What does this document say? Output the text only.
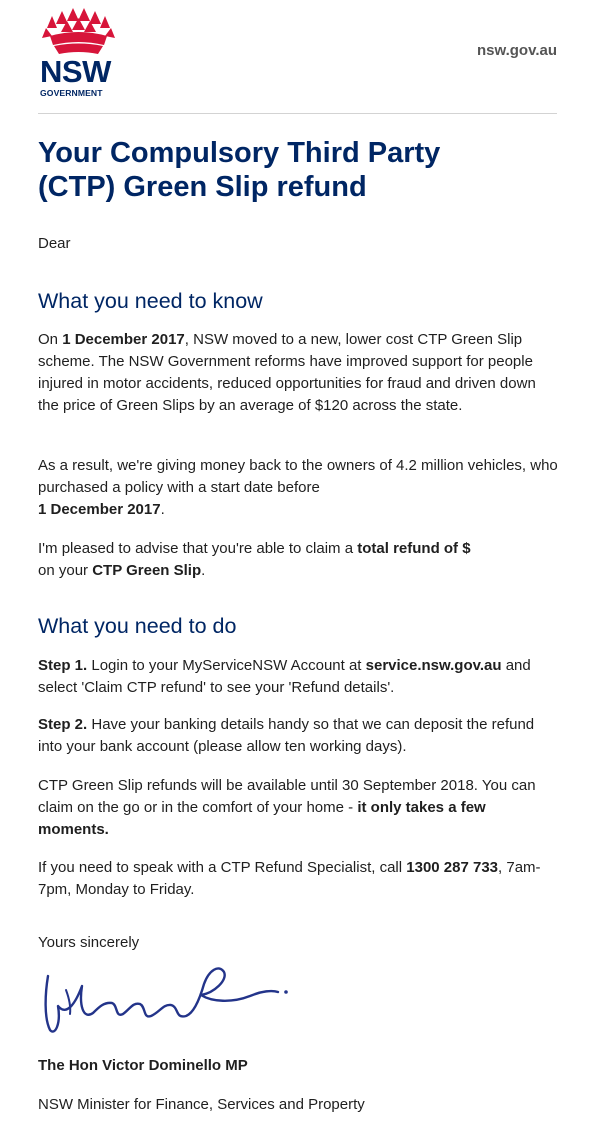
NSW
GOVERNMENT
nsw.gov.au
Your Compulsory Third Party
(CTP) Green Slip refund

Dear

What you need to know

On 1 December 2017, NSW moved to a new, lower cost CTP Green Slip scheme. The NSW Government reforms have improved support for people injured in motor accidents, reduced opportunities for fraud and driven down the price of Green Slips by an average of $120 across the state.

As a result, we're giving money back to the owners of 4.2 million vehicles, who purchased a policy with a start date before
1 December 2017.

I'm pleased to advise that you're able to claim a total refund of $
on your CTP Green Slip.

What you need to do

Step 1. Login to your MyServiceNSW Account at service.nsw.gov.au and select 'Claim CTP refund' to see your 'Refund details'.

Step 2. Have your banking details handy so that we can deposit the refund into your bank account (please allow ten working days).

CTP Green Slip refunds will be available until 30 September 2018. You can claim on the go or in the comfort of your home - it only takes a few moments.

If you need to speak with a CTP Refund Specialist, call 1300 287 733, 7am-7pm, Monday to Friday.

Yours sincerely

The Hon Victor Dominello MP

NSW Minister for Finance, Services and Property
